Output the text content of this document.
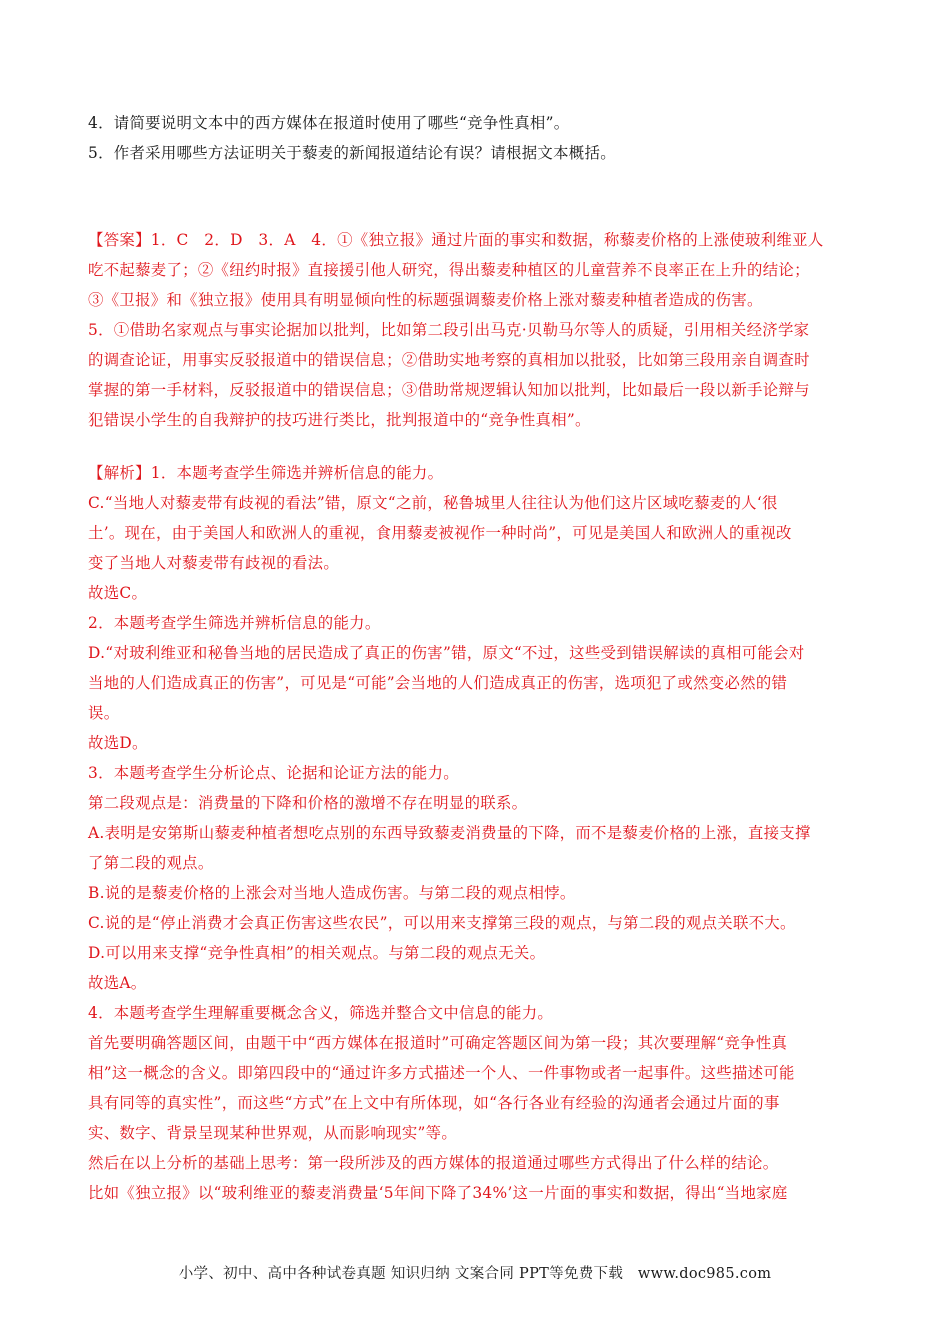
4．请简要说明文本中的西方媒体在报道时使用了哪些“竞争性真相”。

5．作者采用哪些方法证明关于藜麦的新闻报道结论有误？请根据文本概括。

【答案】1．C　2．D　3．A　4．①《独立报》通过片面的事实和数据，称藜麦价格的上涨使玻利维亚人

吃不起藜麦了；②《纽约时报》直接援引他人研究，得出藜麦种植区的儿童营养不良率正在上升的结论；

③《卫报》和《独立报》使用具有明显倾向性的标题强调藜麦价格上涨对藜麦种植者造成的伤害。

5．①借助名家观点与事实论据加以批判，比如第二段引出马克·贝勒马尔等人的质疑，引用相关经济学家

的调查论证，用事实反驳报道中的错误信息；②借助实地考察的真相加以批驳，比如第三段用亲自调查时

掌握的第一手材料，反驳报道中的错误信息；③借助常规逻辑认知加以批判，比如最后一段以新手论辩与

犯错误小学生的自我辩护的技巧进行类比，批判报道中的“竞争性真相”。

【解析】1．本题考查学生筛选并辨析信息的能力。

C.“当地人对藜麦带有歧视的看法”错，原文“之前，秘鲁城里人往往认为他们这片区域吃藜麦的人‘很

土’。现在，由于美国人和欧洲人的重视，食用藜麦被视作一种时尚”，可见是美国人和欧洲人的重视改

变了当地人对藜麦带有歧视的看法。

故选C。

2．本题考查学生筛选并辨析信息的能力。

D.“对玻利维亚和秘鲁当地的居民造成了真正的伤害”错，原文“不过，这些受到错误解读的真相可能会对

当地的人们造成真正的伤害”，可见是“可能”会当地的人们造成真正的伤害，选项犯了或然变必然的错

误。

故选D。

3．本题考查学生分析论点、论据和论证方法的能力。

第二段观点是：消费量的下降和价格的激增不存在明显的联系。

A.表明是安第斯山藜麦种植者想吃点别的东西导致藜麦消费量的下降，而不是藜麦价格的上涨，直接支撑

了第二段的观点。

B.说的是藜麦价格的上涨会对当地人造成伤害。与第二段的观点相悖。

C.说的是“停止消费才会真正伤害这些农民”，可以用来支撑第三段的观点，与第二段的观点关联不大。

D.可以用来支撑“竞争性真相”的相关观点。与第二段的观点无关。

故选A。

4．本题考查学生理解重要概念含义，筛选并整合文中信息的能力。

首先要明确答题区间，由题干中“西方媒体在报道时”可确定答题区间为第一段；其次要理解“竞争性真

相”这一概念的含义。即第四段中的“通过许多方式描述一个人、一件事物或者一起事件。这些描述可能

具有同等的真实性”，而这些“方式”在上文中有所体现，如“各行各业有经验的沟通者会通过片面的事

实、数字、背景呈现某种世界观，从而影响现实”等。

然后在以上分析的基础上思考：第一段所涉及的西方媒体的报道通过哪些方式得出了什么样的结论。

比如《独立报》以“玻利维亚的藜麦消费量‘5年间下降了34%’这一片面的事实和数据，得出“当地家庭

小学、初中、高中各种试卷真题 知识归纳 文案合同 PPT等免费下载　www.doc985.com
